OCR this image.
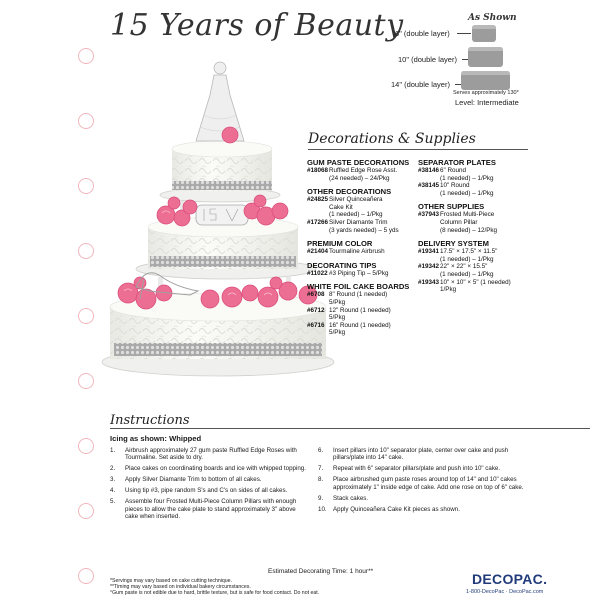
15 Years of Beauty	As Shown
6" (double layer)
10" (double layer)
14" (double layer)
Serves approximately 130*
Level: Intermediate
Decorations & Supplies
GUM PASTE DECORATIONS
#18068 Ruffled Edge Rose Asst.
(24 needed) – 24/Pkg
OTHER DECORATIONS
#24825 Silver Quinceañera
Cake Kit
(1 needed) – 1/Pkg
#17266 Silver Diamante Trim
(3 yards needed) – 5 yds
PREMIUM COLOR
#21404 Tourmaline Airbrush
DECORATING TIPS
#11022 #3 Piping Tip – 5/Pkg
WHITE FOIL CAKE BOARDS
#6708 8" Round (1 needed)
5/Pkg
#6712 12" Round (1 needed)
5/Pkg
#6716 16" Round (1 needed)
5/Pkg
SEPARATOR PLATES
#38146 6" Round
(1 needed) – 1/Pkg
#38145 10" Round
(1 needed) – 1/Pkg
OTHER SUPPLIES
#37943 Frosted Multi-Piece
Column Pillar
(8 needed) – 12/Pkg
DELIVERY SYSTEM
#19341 17.5" × 17.5" × 11.5"
(1 needed) – 1/Pkg
#19342 22" × 22" × 15.5"
(1 needed) – 1/Pkg
#19343 10" × 10" × 5" (1 needed)
1/Pkg
Instructions
Icing as shown: Whipped
1.	Airbrush approximately 27 gum paste Ruffled Edge Roses with Tourmaline. Set aside to dry.
2.	Place cakes on coordinating boards and ice with whipped topping.
3.	Apply Silver Diamante Trim to bottom of all cakes.
4.	Using tip #3, pipe random S's and C's on sides of all cakes.
5.	Assemble four Frosted Multi-Piece Column Pillars with enough pieces to allow the cake plate to stand approximately 3" above cake when inserted.
6.	Insert pillars into 10" separator plate, center over cake and push pillars/plate into 14" cake.
7.	Repeat with 6" separator pillars/plate and push into 10" cake.
8.	Place airbrushed gum paste roses around top of 14" and 10" cakes approximately 1" inside edge of cake. Add one rose on top of 6" cake.
9.	Stack cakes.
10.	Apply Quinceañera Cake Kit pieces as shown.
Estimated Decorating Time: 1 hour**
*Servings may vary based on cake cutting technique.
**Timing may vary based on individual bakery circumstances.
°Gum paste is not edible due to hard, brittle texture, but is safe for food contact. Do not eat.
DECOPAC.
1-800-DecoPac · DecoPac.com
